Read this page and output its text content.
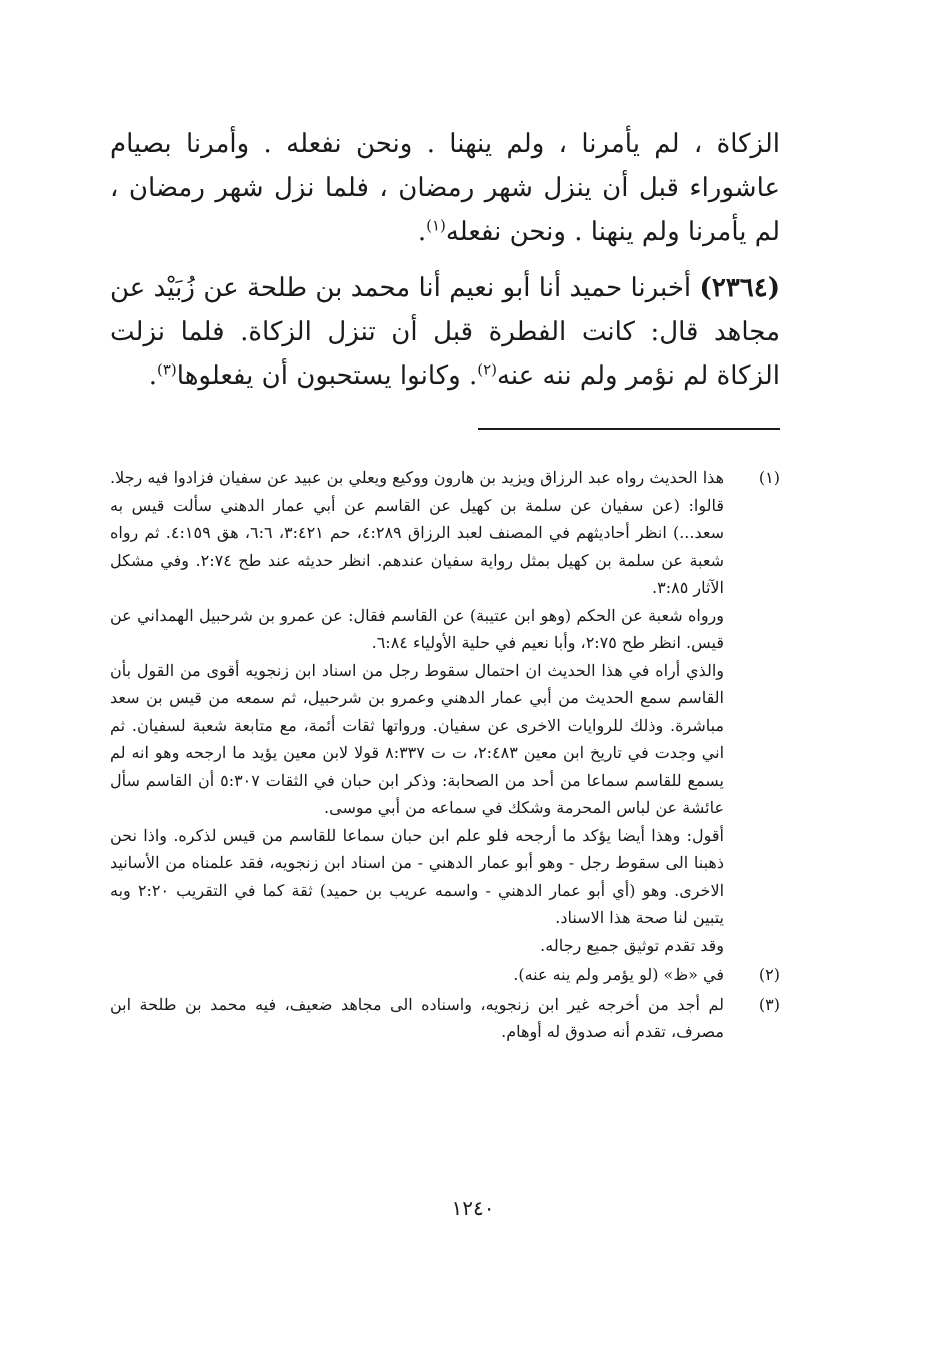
الزكاة ، لم يأمرنا ، ولم ينهنا . ونحن نفعله . وأمرنا بصيام عاشوراء قبل أن ينزل شهر رمضان ، فلما نزل شهر رمضان ، لم يأمرنا ولم ينهنا . ونحن نفعله$^{(١)}$.

(٢٣٦٤) أخبرنا حميد أنا أبو نعيم أنا محمد بن طلحة عن زُبَيْد عن مجاهد قال: كانت الفطرة قبل أن تنزل الزكاة. فلما نزلت الزكاة لم نؤمر ولم ننه عنه$^{(٢)}$. وكانوا يستحبون أن يفعلوها$^{(٣)}$.

(١)

هذا الحديث رواه عبد الرزاق ويزيد بن هارون ووكيع ويعلي بن عبيد عن سفيان فزادوا فيه رجلا. قالوا: (عن سفيان عن سلمة بن كهيل عن القاسم عن أبي عمار الدهني سألت قيس به سعد...) انظر أحاديثهم في المصنف لعبد الرزاق ٤:٢٨٩، حم ٣:٤٢١، ٦:٦، هق ٤:١٥٩. ثم رواه شعبة عن سلمة بن كهيل بمثل رواية سفيان عندهم. انظر حديثه عند طح ٢:٧٤. وفي مشكل الآثار ٣:٨٥.

ورواه شعبة عن الحكم (وهو ابن عتيبة) عن القاسم فقال: عن عمرو بن شرحبيل الهمداني عن قيس. انظر طح ٢:٧٥، وأبا نعيم في حلية الأولياء ٦:٨٤.

والذي أراه في هذا الحديث ان احتمال سقوط رجل من اسناد ابن زنجويه أقوى من القول بأن القاسم سمع الحديث من أبي عمار الدهني وعمرو بن شرحبيل، ثم سمعه من قيس بن سعد مباشرة. وذلك للروايات الاخرى عن سفيان. ورواتها ثقات أئمة، مع متابعة شعبة لسفيان. ثم اني وجدت في تاريخ ابن معين ٢:٤٨٣، ت ت ٨:٣٣٧ قولا لابن معين يؤيد ما ارجحه وهو انه لم يسمع للقاسم سماعا من أحد من الصحابة: وذكر ابن حبان في الثقات ٥:٣٠٧ أن القاسم سأل عائشة عن لباس المحرمة وشكك في سماعه من أبي موسى.

أقول: وهذا أيضا يؤكد ما أرجحه فلو علم ابن حبان سماعا للقاسم من قيس لذكره. واذا نحن ذهبنا الى سقوط رجل - وهو أبو عمار الدهني - من اسناد ابن زنجويه، فقد علمناه من الأسانيد الاخرى. وهو (أي أبو عمار الدهني - واسمه عريب بن حميد) ثقة كما في التقريب ٢:٢٠ وبه يتبين لنا صحة هذا الاسناد.

وقد تقدم توثيق جميع رجاله.

(٢)

في «ظ» (لو يؤمر ولم ينه عنه).

(٣)

لم أجد من أخرجه غير ابن زنجويه، واسناده الى مجاهد ضعيف، فيه محمد بن طلحة ابن مصرف، تقدم أنه صدوق له أوهام.

١٢٤٠
